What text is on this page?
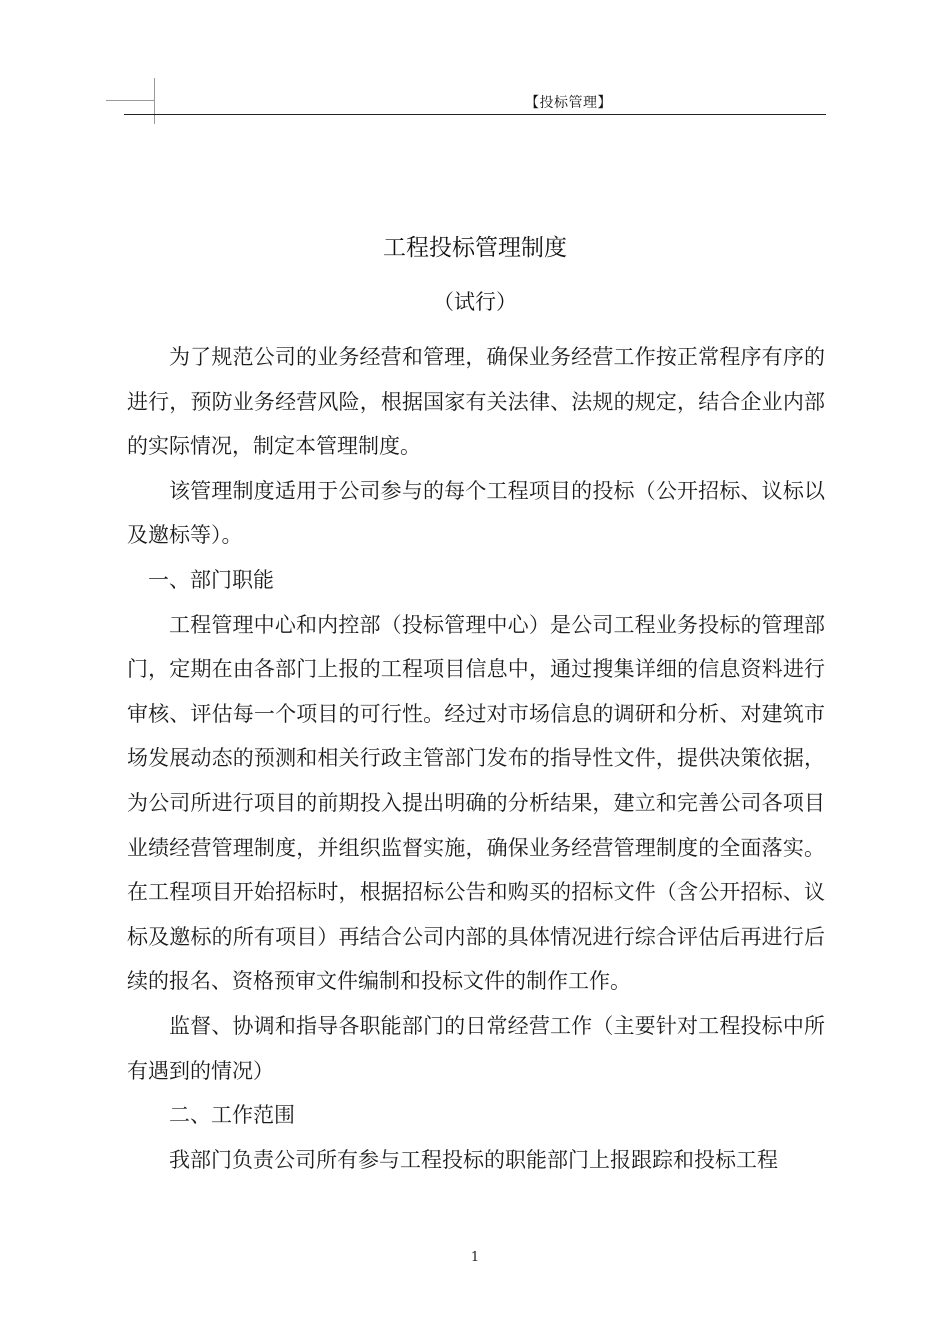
【投标管理】
工程投标管理制度
（试行）

为了规范公司的业务经营和管理，确保业务经营工作按正常程序有序的进行，预防业务经营风险，根据国家有关法律、法规的规定，结合企业内部的实际情况，制定本管理制度。

该管理制度适用于公司参与的每个工程项目的投标（公开招标、议标以及邀标等）。

一、部门职能

工程管理中心和内控部（投标管理中心）是公司工程业务投标的管理部门，定期在由各部门上报的工程项目信息中，通过搜集详细的信息资料进行审核、评估每一个项目的可行性。经过对市场信息的调研和分析、对建筑市场发展动态的预测和相关行政主管部门发布的指导性文件，提供决策依据，为公司所进行项目的前期投入提出明确的分析结果，建立和完善公司各项目业绩经营管理制度，并组织监督实施，确保业务经营管理制度的全面落实。在工程项目开始招标时，根据招标公告和购买的招标文件（含公开招标、议标及邀标的所有项目）再结合公司内部的具体情况进行综合评估后再进行后续的报名、资格预审文件编制和投标文件的制作工作。

监督、协调和指导各职能部门的日常经营工作（主要针对工程投标中所有遇到的情况）

二、工作范围

我部门负责公司所有参与工程投标的职能部门上报跟踪和投标工程

1
